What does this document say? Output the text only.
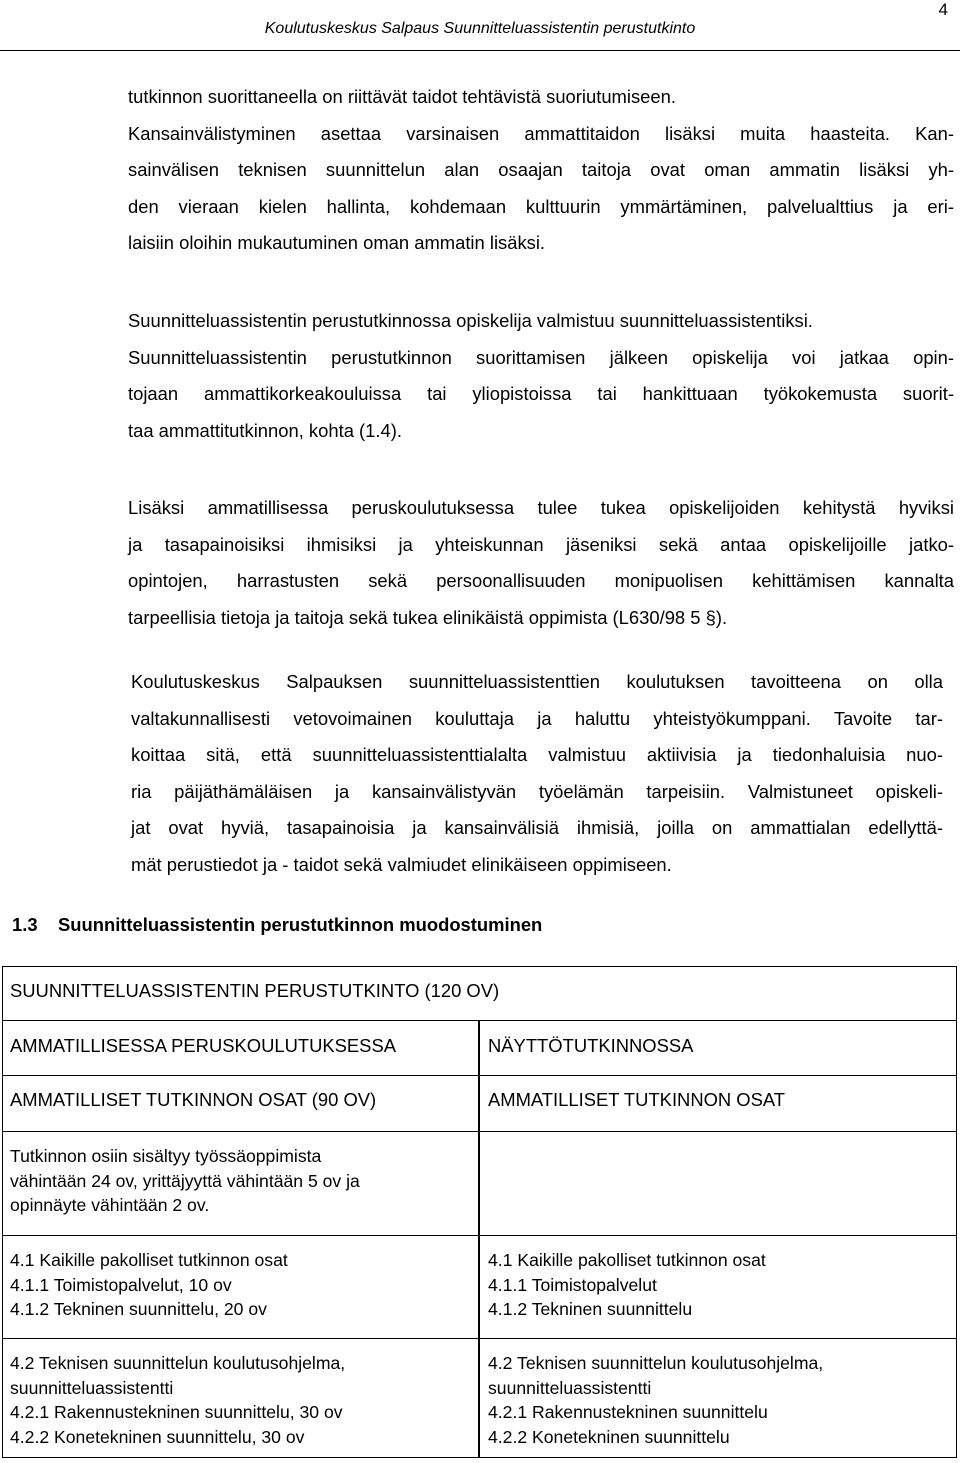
Koulutuskeskus Salpaus Suunnitteluassistentin perustutkinto
4
tutkinnon suorittaneella on riittävät taidot tehtävistä suoriutumiseen.
Kansainvälistyminen asettaa varsinaisen ammattitaidon lisäksi muita haasteita. Kan-
sainvälisen teknisen suunnittelun alan osaajan taitoja ovat oman ammatin lisäksi yh-
den vieraan kielen hallinta, kohdemaan kulttuurin ymmärtäminen, palvelualttius ja eri-
laisiin oloihin mukautuminen oman ammatin lisäksi.
Suunnitteluassistentin perustutkinnossa opiskelija valmistuu suunnitteluassistentiksi.
Suunnitteluassistentin perustutkinnon suorittamisen jälkeen opiskelija voi jatkaa opin-
tojaan ammattikorkeakouluissa tai yliopistoissa tai hankittuaan työkokemusta suorit-
taa ammattitutkinnon, kohta (1.4).
Lisäksi ammatillisessa peruskoulutuksessa tulee tukea opiskelijoiden kehitystä hyviksi
ja tasapainoisiksi ihmisiksi ja yhteiskunnan jäseniksi sekä antaa opiskelijoille jatko-
opintojen, harrastusten sekä persoonallisuuden monipuolisen kehittämisen kannalta
tarpeellisia tietoja ja taitoja sekä tukea elinikäistä oppimista (L630/98 5 §).
Koulutuskeskus Salpauksen suunnitteluassistenttien koulutuksen tavoitteena on olla
valtakunnallisesti vetovoimainen kouluttaja ja haluttu yhteistyökumppani. Tavoite tar-
koittaa sitä, että suunnitteluassistenttialalta valmistuu aktiivisia ja tiedonhaluisia nuo-
ria päijäthämäläisen ja kansainvälistyvän työelämän tarpeisiin. Valmistuneet opiskeli-
jat ovat hyviä, tasapainoisia ja kansainvälisiä ihmisiä, joilla on ammattialan edellyttä-
mät perustiedot ja - taidot sekä valmiudet elinikäiseen oppimiseen.
1.3 Suunnitteluassistentin perustutkinnon muodostuminen
SUUNNITTELUASSISTENTIN PERUSTUTKINTO (120 OV)
AMMATILLISESSA PERUSKOULUTUKSESSA	NÄYTTÖTUTKINNOSSA
AMMATILLISET TUTKINNON OSAT (90 OV)	AMMATILLISET TUTKINNON OSAT
Tutkinnon osiin sisältyy työssäoppimista
vähintään 24 ov, yrittäjyyttä vähintään 5 ov ja
opinnäyte vähintään 2 ov.
4.1 Kaikille pakolliset tutkinnon osat
4.1.1 Toimistopalvelut, 10 ov
4.1.2 Tekninen suunnittelu, 20 ov
4.1 Kaikille pakolliset tutkinnon osat
4.1.1 Toimistopalvelut
4.1.2 Tekninen suunnittelu
4.2 Teknisen suunnittelun koulutusohjelma,
suunnitteluassistentti
4.2.1 Rakennustekninen suunnittelu, 30 ov
4.2.2 Konetekninen suunnittelu, 30 ov
4.2 Teknisen suunnittelun koulutusohjelma,
suunnitteluassistentti
4.2.1 Rakennustekninen suunnittelu
4.2.2 Konetekninen suunnittelu
